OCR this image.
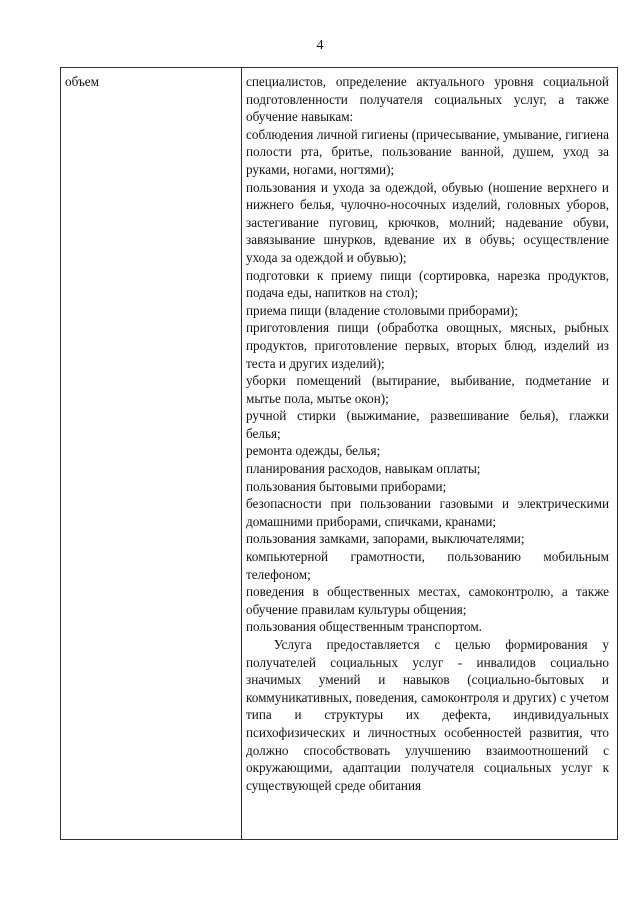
4
объем	специалистов, определение актуального уровня социальной подготовленности получателя социальных услуг, а также обучение навыкам:

соблюдения личной гигиены (причесывание, умывание, гигиена полости рта, бритье, пользование ванной, душем, уход за руками, ногами, ногтями);

пользования и ухода за одеждой, обувью (ношение верхнего и нижнего белья, чулочно-носочных изделий, головных уборов, застегивание пуговиц, крючков, молний; надевание обуви, завязывание шнурков, вдевание их в обувь; осуществление ухода за одеждой и обувью);

подготовки к приему пищи (сортировка, нарезка продуктов, подача еды, напитков на стол);

приема пищи (владение столовыми приборами);

приготовления пищи (обработка овощных, мясных, рыбных продуктов, приготовление первых, вторых блюд, изделий из теста и других изделий);

уборки помещений (вытирание, выбивание, подметание и мытье пола, мытье окон);

ручной стирки (выжимание, развешивание белья), глажки белья;

ремонта одежды, белья;

планирования расходов, навыкам оплаты;

пользования бытовыми приборами;

безопасности при пользовании газовыми и электрическими домашними приборами, спичками, кранами;

пользования замками, запорами, выключателями;

компьютерной грамотности, пользованию мобильным телефоном;

поведения в общественных местах, самоконтролю, а также обучение правилам культуры общения;

пользования общественным транспортом.

Услуга предоставляется с целью формирования у получателей социальных услуг - инвалидов социально значимых умений и навыков (социально-бытовых и коммуникативных, поведения, самоконтроля и других) с учетом типа и структуры их дефекта, индивидуальных психофизических и личностных особенностей развития, что должно способствовать улучшению взаимоотношений с окружающими, адаптации получателя социальных услуг к существующей среде обитания
